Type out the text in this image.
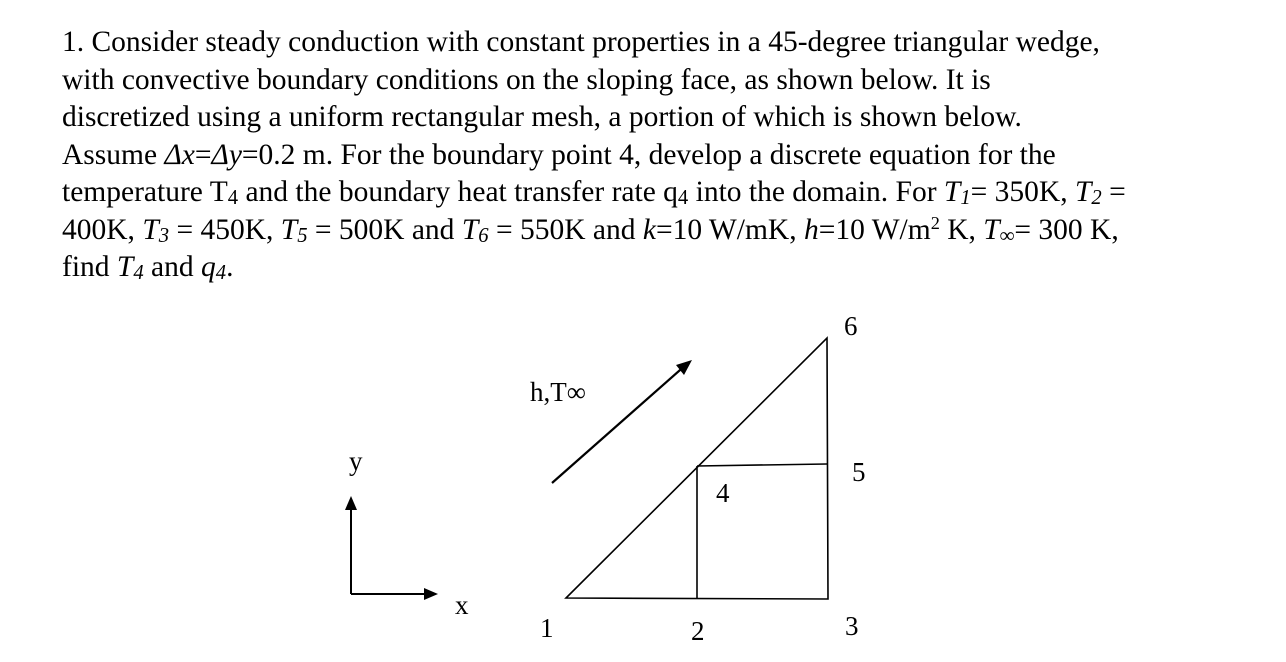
1. Consider steady conduction with constant properties in a 45-degree triangular wedge,
with convective boundary conditions on the sloping face, as shown below. It is
discretized using a uniform rectangular mesh, a portion of which is shown below.
Assume Δx=Δy=0.2 m. For the boundary point 4, develop a discrete equation for the
temperature $T_4$ and the boundary heat transfer rate $q_4$ into the domain. For $T_1= 350K$, $T_2$ =
400K, $T_3 = 450K$, $T_5 = 500K$ and $T_6 = 550K$ and k=10 W/mK, h=10 $W/m^2$ K, $T_\infty= 300$ K,
find $T_4$ and $q_4$.
h,T∞
y
x
1	2	3
4
5
6
